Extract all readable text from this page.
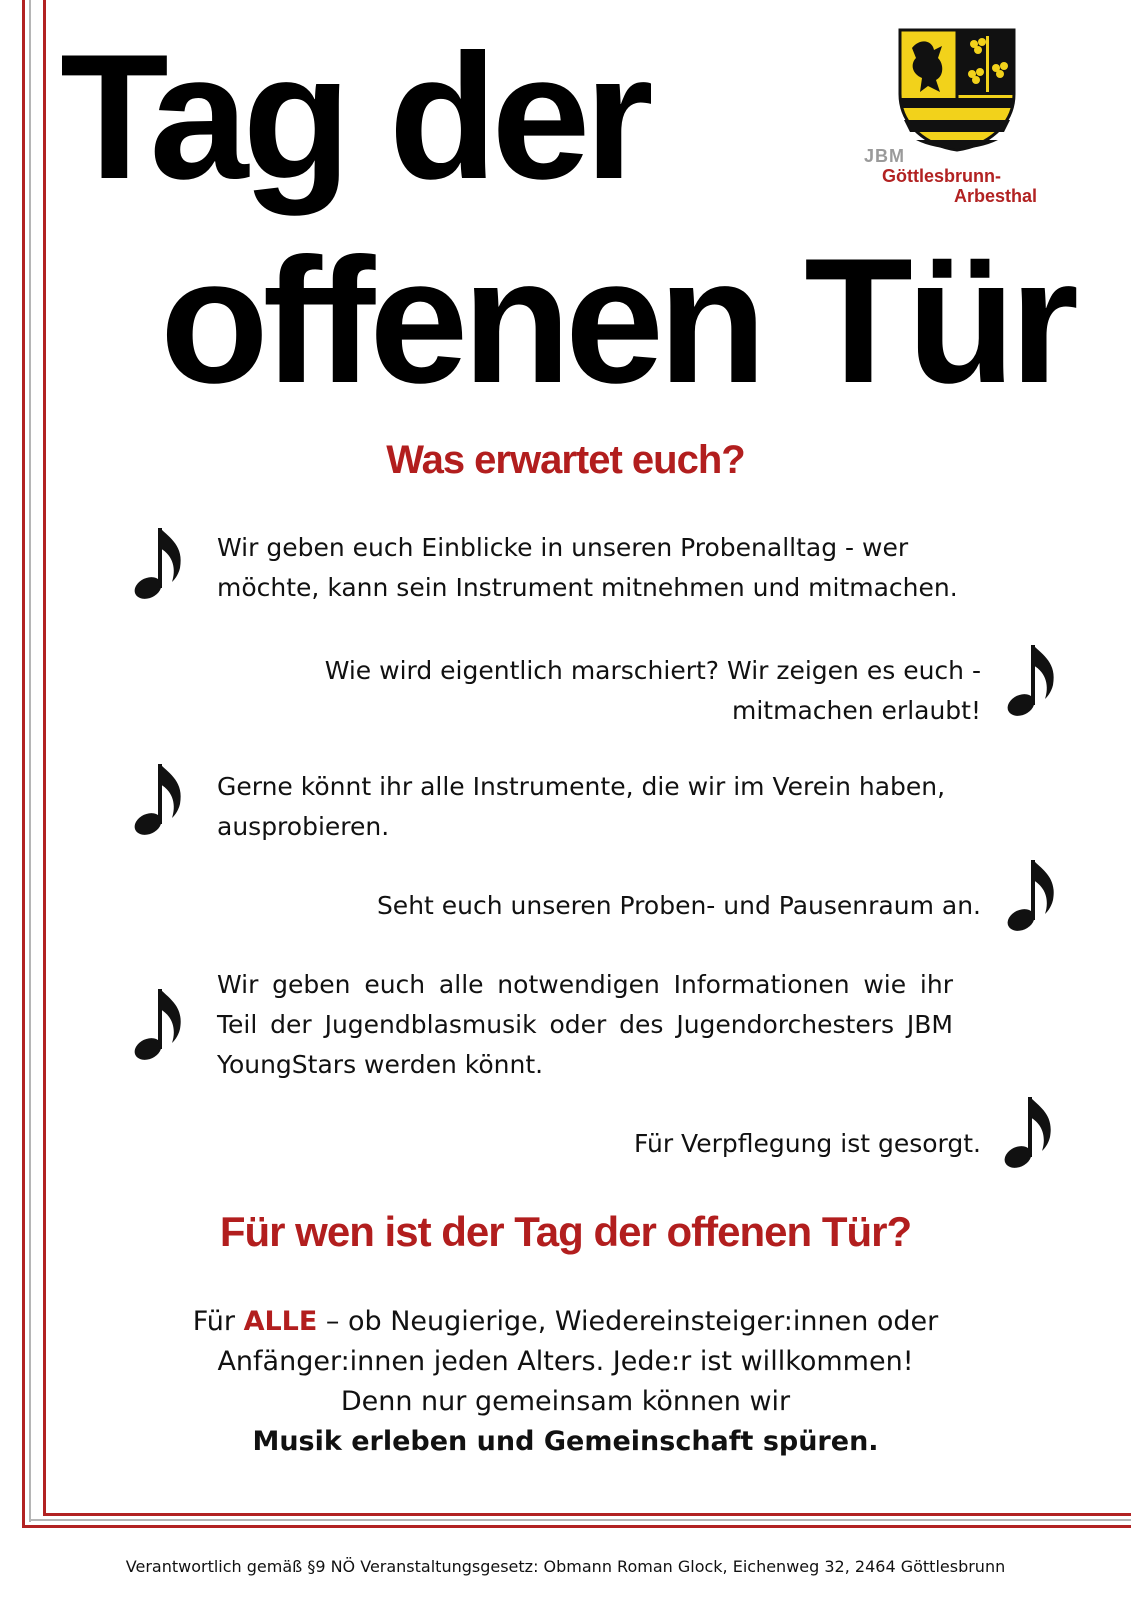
Tag der
offenen Tür
JBM
Göttlesbrunn-
Arbesthal
Was erwartet euch?

Wir geben euch Einblicke in unseren Probenalltag - wer möchte, kann sein Instrument mitnehmen und mitmachen.

Wie wird eigentlich marschiert? Wir zeigen es euch -

mitmachen erlaubt!

Gerne könnt ihr alle Instrumente, die wir im Verein haben, ausprobieren.

Seht euch unseren Proben- und Pausenraum an.

Wir geben euch alle notwendigen Informationen wie ihr Teil der Jugendblasmusik oder des Jugendorchesters JBM YoungStars werden könnt.

Für Verpflegung ist gesorgt.

Für wen ist der Tag der offenen Tür?
Für ALLE – ob Neugierige, Wiedereinsteiger:innen oder
Anfänger:innen jeden Alters. Jede:r ist willkommen!
Denn nur gemeinsam können wir
Musik erleben und Gemeinschaft spüren.
Verantwortlich gemäß §9 NÖ Veranstaltungsgesetz: Obmann Roman Glock, Eichenweg 32, 2464 Göttlesbrunn
